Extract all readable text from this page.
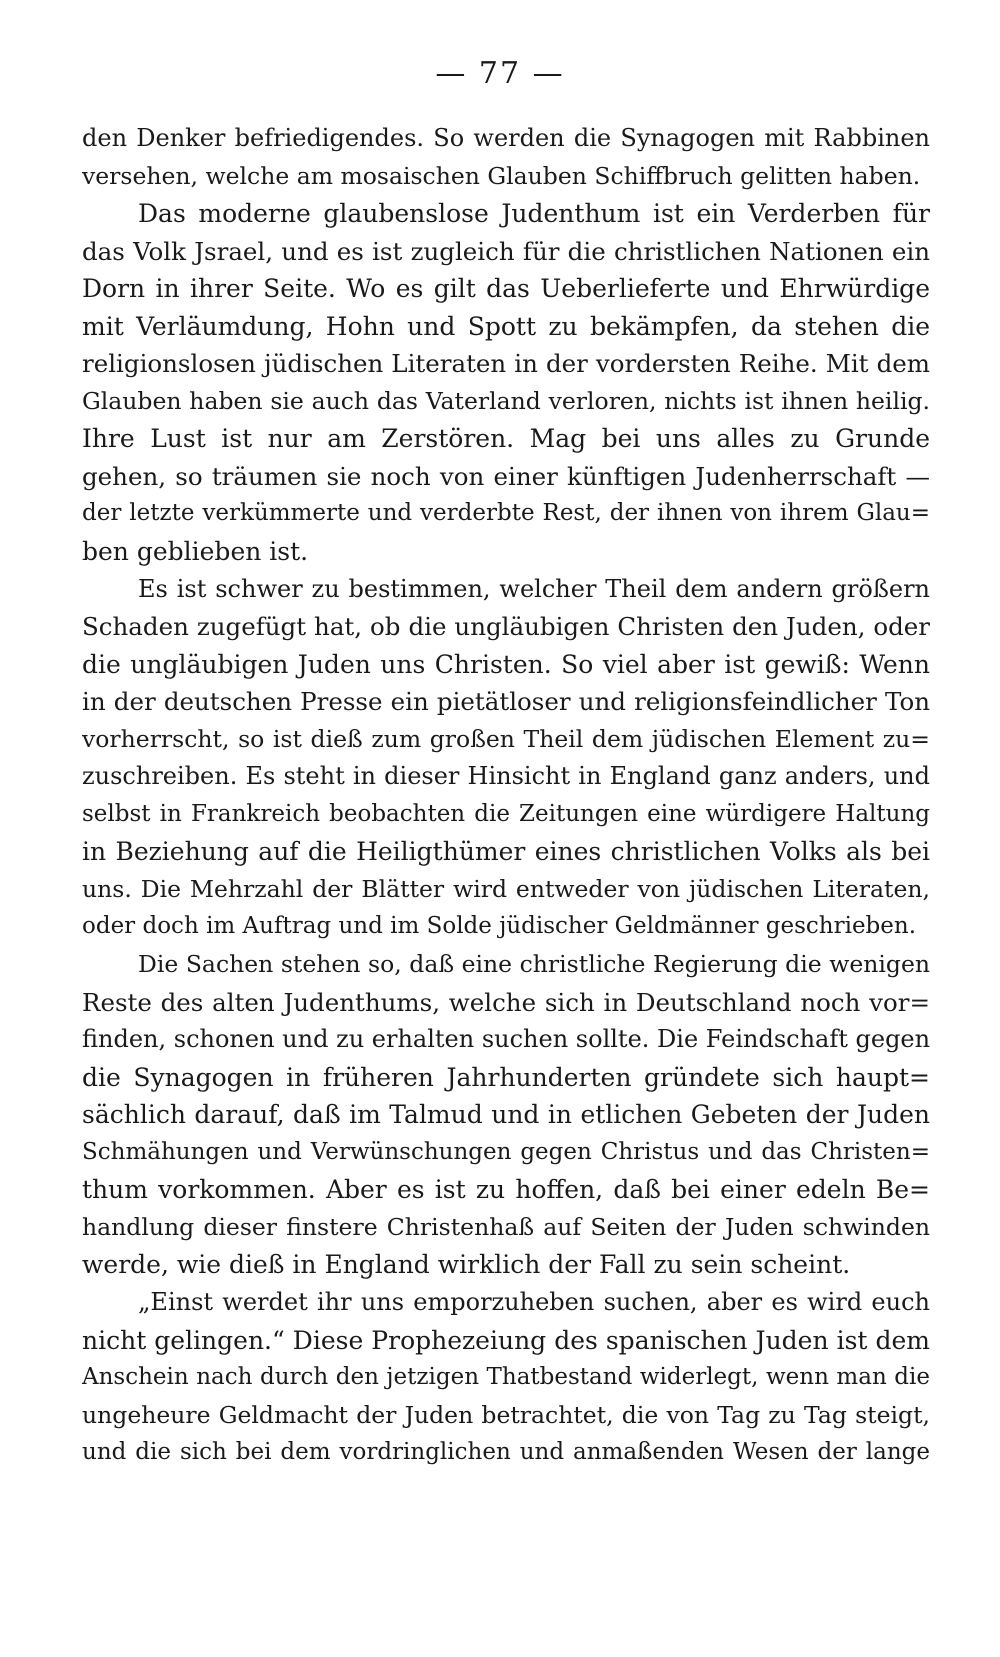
— 77 —
den Denker befriedigendes. So werden die Synagogen mit Rabbinen
versehen, welche am mosaischen Glauben Schiffbruch gelitten haben.
Das moderne glaubenslose Judenthum ist ein Verderben für
das Volk Jsrael, und es ist zugleich für die christlichen Nationen ein
Dorn in ihrer Seite. Wo es gilt das Ueberlieferte und Ehrwürdige
mit Verläumdung, Hohn und Spott zu bekämpfen, da stehen die
religionslosen jüdischen Literaten in der vordersten Reihe. Mit dem
Glauben haben sie auch das Vaterland verloren, nichts ist ihnen heilig.
Ihre Lust ist nur am Zerstören. Mag bei uns alles zu Grunde
gehen, so träumen sie noch von einer künftigen Judenherrschaft —
der letzte verkümmerte und verderbte Rest, der ihnen von ihrem Glau=
ben geblieben ist.
Es ist schwer zu bestimmen, welcher Theil dem andern größern
Schaden zugefügt hat, ob die ungläubigen Christen den Juden, oder
die ungläubigen Juden uns Christen. So viel aber ist gewiß: Wenn
in der deutschen Presse ein pietätloser und religionsfeindlicher Ton
vorherrscht, so ist dieß zum großen Theil dem jüdischen Element zu=
zuschreiben. Es steht in dieser Hinsicht in England ganz anders, und
selbst in Frankreich beobachten die Zeitungen eine würdigere Haltung
in Beziehung auf die Heiligthümer eines christlichen Volks als bei
uns. Die Mehrzahl der Blätter wird entweder von jüdischen Literaten,
oder doch im Auftrag und im Solde jüdischer Geldmänner geschrieben.
Die Sachen stehen so, daß eine christliche Regierung die wenigen
Reste des alten Judenthums, welche sich in Deutschland noch vor=
finden, schonen und zu erhalten suchen sollte. Die Feindschaft gegen
die Synagogen in früheren Jahrhunderten gründete sich haupt=
sächlich darauf, daß im Talmud und in etlichen Gebeten der Juden
Schmähungen und Verwünschungen gegen Christus und das Christen=
thum vorkommen. Aber es ist zu hoffen, daß bei einer edeln Be=
handlung dieser finstere Christenhaß auf Seiten der Juden schwinden
werde, wie dieß in England wirklich der Fall zu sein scheint.
„Einst werdet ihr uns emporzuheben suchen, aber es wird euch
nicht gelingen.“ Diese Prophezeiung des spanischen Juden ist dem
Anschein nach durch den jetzigen Thatbestand widerlegt, wenn man die
ungeheure Geldmacht der Juden betrachtet, die von Tag zu Tag steigt,
und die sich bei dem vordringlichen und anmaßenden Wesen der lange
